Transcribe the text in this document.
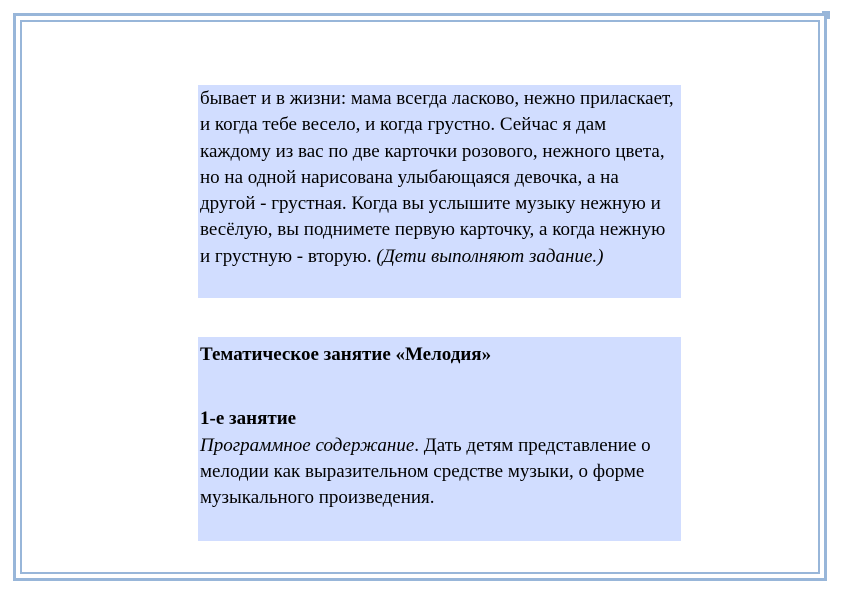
бывает и в жизни: мама всегда ласково, нежно приласкает, и когда тебе весело, и когда грустно. Сейчас я дам каждому из вас по две карточки розового, нежного цвета, но на одной нарисована улыбающаяся девочка, а на другой - грустная. Когда вы услышите музыку нежную и весёлую, вы поднимете первую карточку, а когда нежную и грустную - вторую. (Дети выполняют задание.)
Тематическое занятие «Мелодия»
1-е занятие
Программное содержание. Дать детям представление о мелодии как выразительном средстве музыки, о форме музыкального произведения.
